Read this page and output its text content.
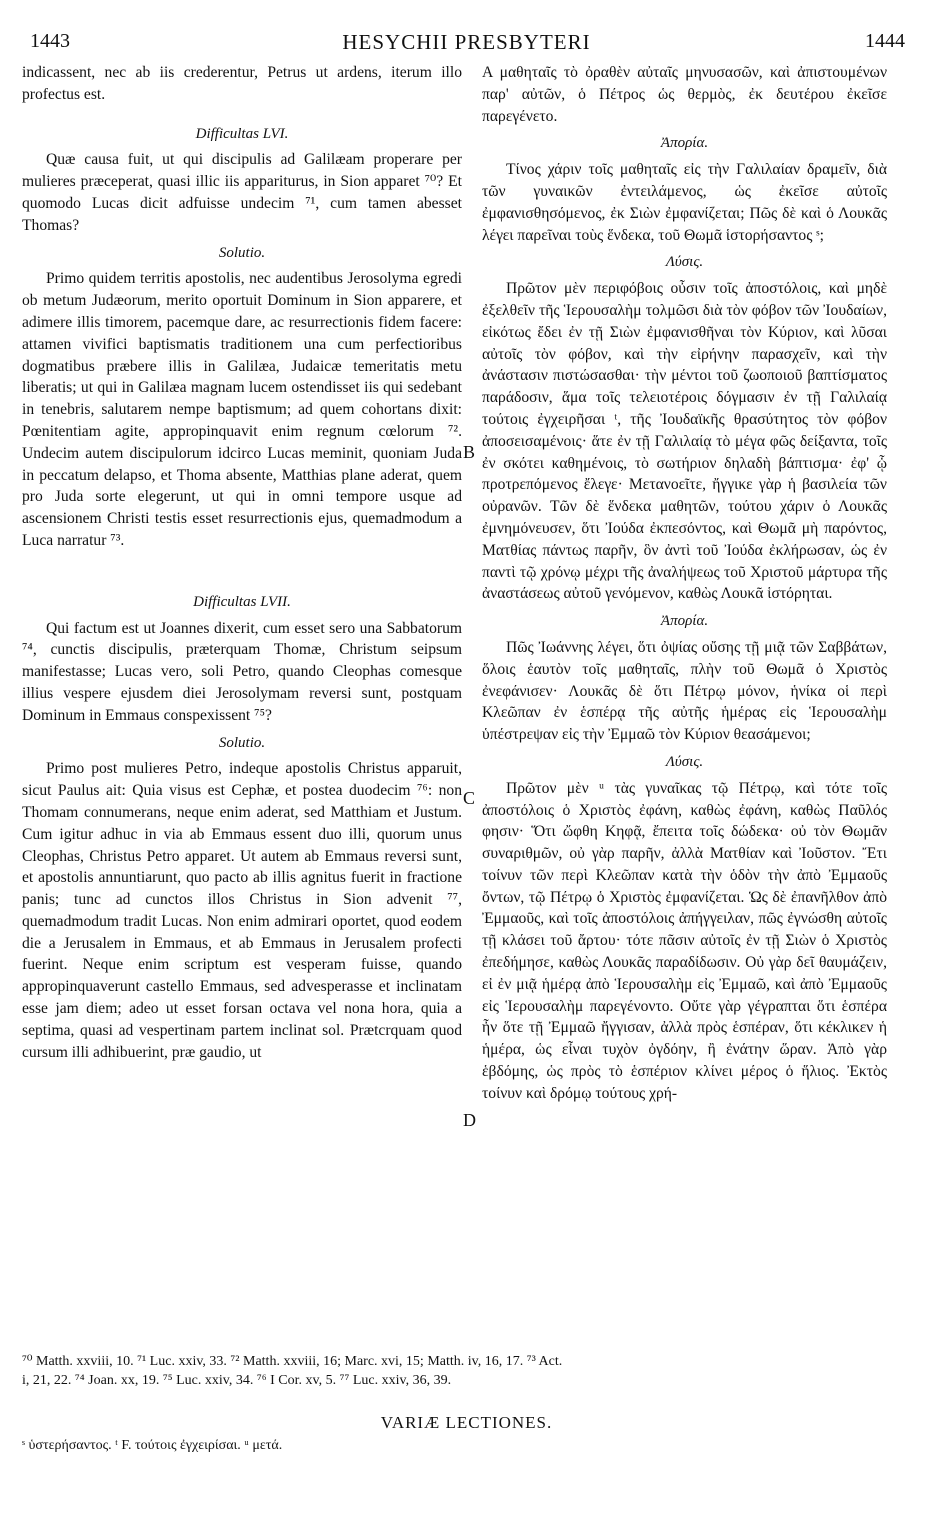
1443	HESYCHII PRESBYTERI	1444

indicassent, nec ab iis crederentur, Petrus ut ardens, iterum illo profectus est.

Difficultas LVI.

Quæ causa fuit, ut qui discipulis ad Galilæam properare per mulieres præceperat, quasi illic iis appariturus, in Sion apparet ⁷⁰? Et quomodo Lucas dicit adfuisse undecim ⁷¹, cum tamen abesset Thomas?

Solutio.

Primo quidem territis apostolis, nec audentibus Jerosolyma egredi ob metum Judæorum, merito oportuit Dominum in Sion apparere, et adimere illis timorem, pacemque dare, ac resurrectionis fidem facere: attamen vivifici baptismatis traditionem una cum perfectioribus dogmatibus præbere illis in Galilæa, Judaicæ temeritatis metu liberatis; ut qui in Galilæa magnam lucem ostendisset iis qui sedebant in tenebris, salutarem nempe baptismum; ad quem cohortans dixit: Pœnitentiam agite, appropinquavit enim regnum cœlorum ⁷². Undecim autem discipulorum idcirco Lucas meminit, quoniam Juda in peccatum delapso, et Thoma absente, Matthias plane aderat, quem pro Juda sorte elegerunt, ut qui in omni tempore usque ad ascensionem Christi testis esset resurrectionis ejus, quemadmodum a Luca narratur ⁷³.

Difficultas LVII.

Qui factum est ut Joannes dixerit, cum esset sero una Sabbatorum ⁷⁴, cunctis discipulis, præterquam Thomæ, Christum seipsum manifestasse; Lucas vero, soli Petro, quando Cleophas comesque illius vespere ejusdem diei Jerosolymam reversi sunt, postquam Dominum in Emmaus conspexissent ⁷⁵?

Solutio.

Primo post mulieres Petro, indeque apostolis Christus apparuit, sicut Paulus ait: Quia visus est Cephæ, et postea duodecim ⁷⁶: non Thomam connumerans, neque enim aderat, sed Matthiam et Justum. Cum igitur adhuc in via ab Emmaus essent duo illi, quorum unus Cleophas, Christus Petro apparet. Ut autem ab Emmaus reversi sunt, et apostolis annuntiarunt, quo pacto ab illis agnitus fuerit in fractione panis; tunc ad cunctos illos Christus in Sion advenit ⁷⁷, quemadmodum tradit Lucas. Non enim admirari oportet, quod eodem die a Jerusalem in Emmaus, et ab Emmaus in Jerusalem profecti fuerint. Neque enim scriptum est vesperam fuisse, quando appropinquaverunt castello Emmaus, sed advesperasse et inclinatam esse jam diem; adeo ut esset forsan octava vel nona hora, quia a septima, quasi ad vespertinam partem inclinat sol. Prætcrquam quod cursum illi adhibuerint, præ gaudio, ut

B
C
D

A μαθηταῖς τὸ ὀραθὲν αὐταῖς μηνυσασῶν, καὶ ἀπιστουμένων παρ' αὐτῶν, ὁ Πέτρος ὡς θερμὸς, ἐκ δευτέρου ἐκεῖσε παρεγένετο.

Ἀπορία.

Τίνος χάριν τοῖς μαθηταῖς εἰς τὴν Γαλιλαίαν δραμεῖν, διὰ τῶν γυναικῶν ἐντειλάμενος, ὡς ἐκεῖσε αὐτοῖς ἐμφανισθησόμενος, ἐκ Σιὼν ἐμφανίζεται; Πῶς δὲ καὶ ὁ Λουκᾶς λέγει παρεῖναι τοὺς ἕνδεκα, τοῦ Θωμᾶ ἱστορήσαντος ˢ;

Λύσις.

Πρῶτον μὲν περιφόβοις οὖσιν τοῖς ἀποστόλοις, καὶ μηδὲ ἐξελθεῖν τῆς Ἱερουσαλὴμ τολμῶσι διὰ τὸν φόβον τῶν Ἰουδαίων, εἰκότως ἔδει ἐν τῇ Σιὼν ἐμφανισθῆναι τὸν Κύριον, καὶ λῦσαι αὐτοῖς τὸν φόβον, καὶ τὴν εἰρήνην παρασχεῖν, καὶ τὴν ἀνάστασιν πιστώσασθαι· τὴν μέντοι τοῦ ζωοποιοῦ βαπτίσματος παράδοσιν, ἅμα τοῖς τελειοτέροις δόγμασιν ἐν τῇ Γαλιλαίᾳ τούτοις ἐγχειρῆσαι ᵗ, τῆς Ἰουδαϊκῆς θρασύτητος τὸν φόβον ἀποσεισαμένοις· ἅτε ἐν τῇ Γαλιλαίᾳ τὸ μέγα φῶς δείξαντα, τοῖς ἐν σκότει καθημένοις, τὸ σωτήριον δηλαδὴ βάπτισμα· ἐφ' ᾧ προτρεπόμενος ἔλεγε· Μετανοεῖτε, ἤγγικε γὰρ ἡ βασιλεία τῶν οὐρανῶν. Τῶν δὲ ἕνδεκα μαθητῶν, τούτου χάριν ὁ Λουκᾶς ἐμνημόνευσεν, ὅτι Ἰούδα ἐκπεσόντος, καὶ Θωμᾶ μὴ παρόντος, Ματθίας πάντως παρῆν, ὃν ἀντὶ τοῦ Ἰούδα ἐκλήρωσαν, ὡς ἐν παντὶ τῷ χρόνῳ μέχρι τῆς ἀναλήψεως τοῦ Χριστοῦ μάρτυρα τῆς ἀναστάσεως αὐτοῦ γενόμενον, καθὼς Λουκᾶ ἱστόρηται.

Ἀπορία.

Πῶς Ἰωάννης λέγει, ὅτι ὀψίας οὔσης τῇ μιᾷ τῶν Σαββάτων, ὅλοις ἑαυτὸν τοῖς μαθηταῖς, πλὴν τοῦ Θωμᾶ ὁ Χριστὸς ἐνεφάνισεν· Λουκᾶς δὲ ὅτι Πέτρῳ μόνον, ἡνίκα οἱ περὶ Κλεῶπαν ἐν ἑσπέρᾳ τῆς αὐτῆς ἡμέρας εἰς Ἱερουσαλὴμ ὑπέστρεψαν εἰς τὴν Ἐμμαῶ τὸν Κύριον θεασάμενοι;

Λύσις.

Πρῶτον μὲν ᵘ τὰς γυναῖκας τῷ Πέτρῳ, καὶ τότε τοῖς ἀποστόλοις ὁ Χριστὸς ἐφάνη, καθὼς ἐφάνη, καθὼς Παῦλός φησιν· Ὅτι ὤφθη Κηφᾷ, ἔπειτα τοῖς δώδεκα· οὐ τὸν Θωμᾶν συναριθμῶν, οὐ γὰρ παρῆν, ἀλλὰ Ματθίαν καὶ Ἰοῦστον. Ἔτι τοίνυν τῶν περὶ Κλεῶπαν κατὰ τὴν ὁδὸν τὴν ἀπὸ Ἐμμαοῦς ὄντων, τῷ Πέτρῳ ὁ Χριστὸς ἐμφανίζεται. Ὡς δὲ ἐπανῆλθον ἀπὸ Ἐμμαοῦς, καὶ τοῖς ἀποστόλοις ἀπήγγειλαν, πῶς ἐγνώσθη αὐτοῖς τῇ κλάσει τοῦ ἄρτου· τότε πᾶσιν αὐτοῖς ἐν τῇ Σιὼν ὁ Χριστὸς ἐπεδήμησε, καθὼς Λουκᾶς παραδίδωσιν. Οὐ γὰρ δεῖ θαυμάζειν, εἰ ἐν μιᾷ ἡμέρᾳ ἀπὸ Ἱερουσαλὴμ εἰς Ἐμμαῶ, καὶ ἀπὸ Ἐμμαοῦς εἰς Ἱερουσαλὴμ παρεγένοντο. Οὔτε γὰρ γέγραπται ὅτι ἑσπέρα ἦν ὅτε τῇ Ἐμμαῶ ἤγγισαν, ἀλλὰ πρὸς ἑσπέραν, ὅτι κέκλικεν ἡ ἡμέρα, ὡς εἶναι τυχὸν ὀγδόην, ἢ ἐνάτην ὥραν. Ἀπὸ γὰρ ἑβδόμης, ὡς πρὸς τὸ ἑσπέριον κλίνει μέρος ὁ ἥλιος. Ἐκτὸς τοίνυν καὶ δρόμῳ τούτους χρή-

⁷⁰ Matth. xxviii, 10. ⁷¹ Luc. xxiv, 33. ⁷² Matth. xxviii, 16; Marc. xvi, 15; Matth. iv, 16, 17. ⁷³ Act.

i, 21, 22. ⁷⁴ Joan. xx, 19. ⁷⁵ Luc. xxiv, 34. ⁷⁶ I Cor. xv, 5. ⁷⁷ Luc. xxiv, 36, 39.

VARIÆ LECTIONES.
ˢ ὑστερήσαντος. ᵗ F. τούτοις ἐγχειρίσαι. ᵘ μετά.
